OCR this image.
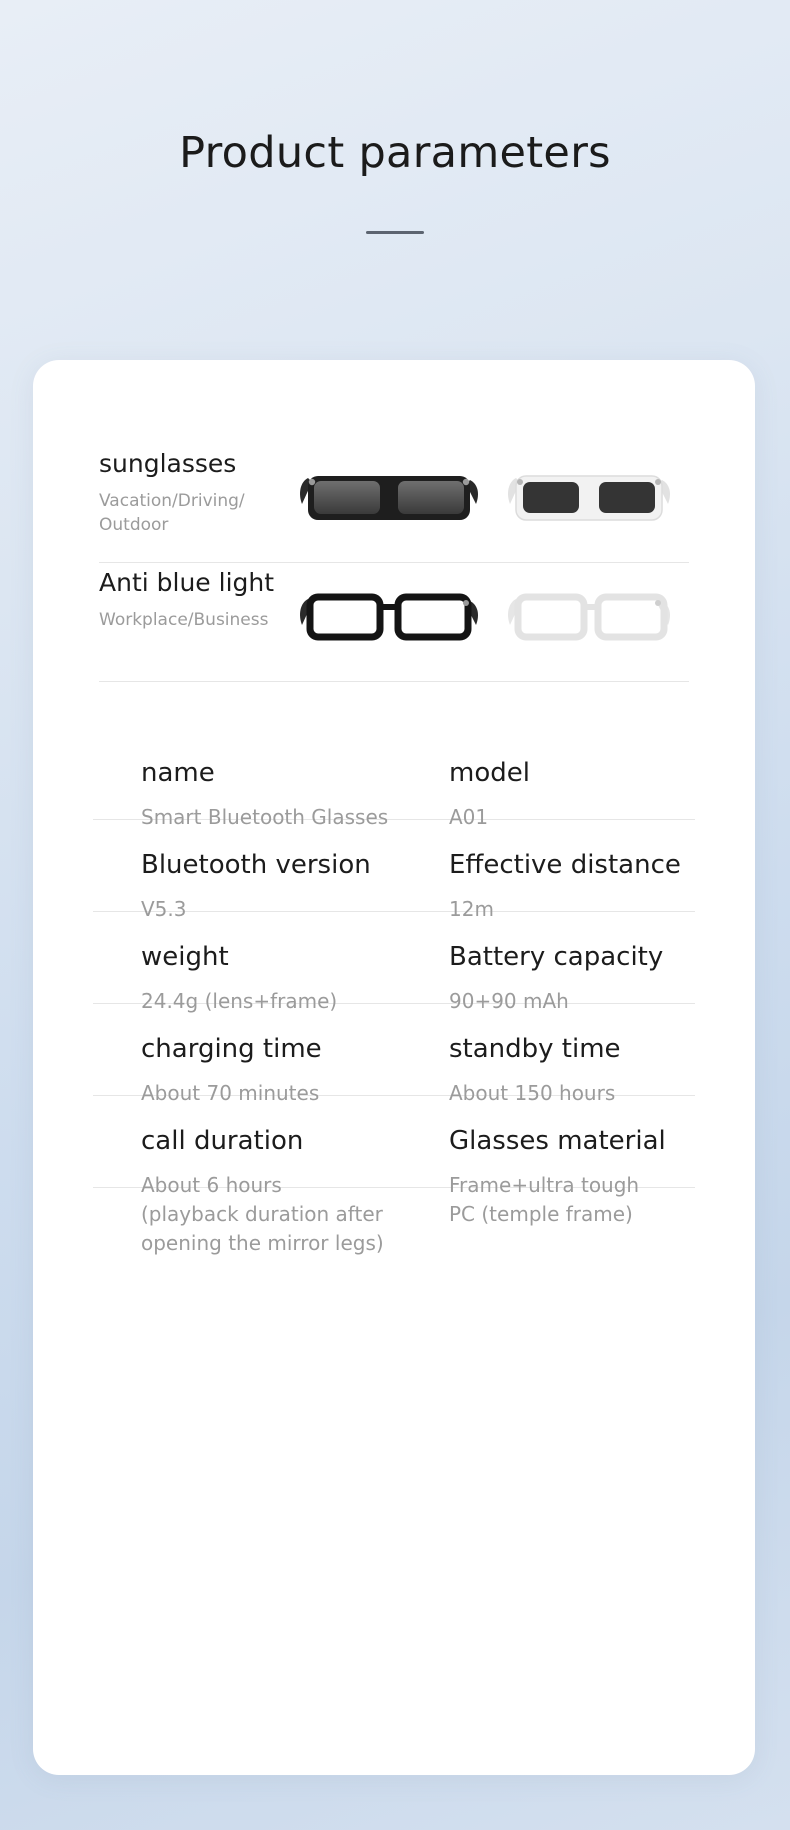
Product parameters
sunglasses
Vacation/Driving/ Outdoor
Anti blue light
Workplace/Business
name
Smart Bluetooth Glasses
model
A01
Bluetooth version
V5.3
Effective distance
12m
weight
24.4g (lens+frame)
Battery capacity
90+90 mAh
charging time
About 70 minutes
standby time
About 150 hours
call duration
About 6 hours
(playback duration after
opening the mirror legs)
Glasses material
Frame+ultra tough
PC (temple frame)
